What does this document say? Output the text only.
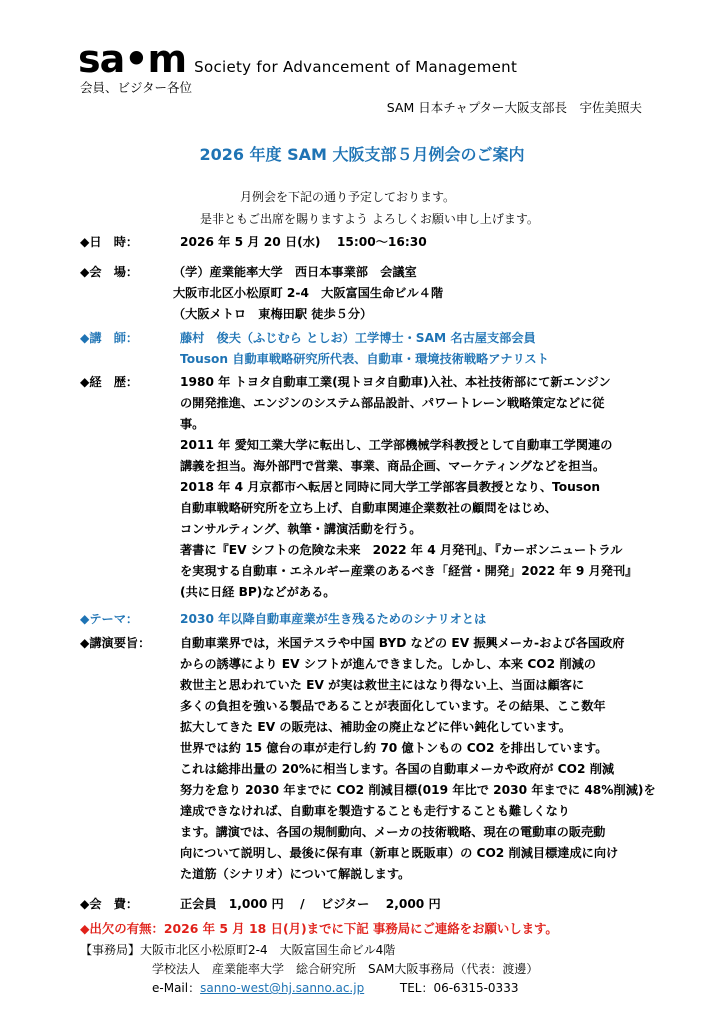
sa•m Society for Advancement of Management
会員、ビジター各位
SAM 日本チャプター大阪支部長　宇佐美照夫
2026 年度 SAM 大阪支部５月例会のご案内
月例会を下記の通り予定しております。
是非ともご出席を賜りますよう よろしくお願い申し上げます。
◆日　時：	2026 年 5 月 20 日(水)　 15:00～16:30
◆会　場：	（学）産業能率大学　西日本事業部　会議室
大阪市北区小松原町 2-4　大阪富国生命ビル４階
（大阪メトロ　東梅田駅 徒歩５分）
◆講　師：	藤村　俊夫（ふじむら としお）工学博士・SAM 名古屋支部会員
Touson 自動車戦略研究所代表、自動車・環境技術戦略アナリスト
◆経　歴：	1980 年 トヨタ自動車工業(現トヨタ自動車)入社、本社技術部にて新エンジン
の開発推進、エンジンのシステム部品設計、パワートレーン戦略策定などに従
事。
2011 年 愛知工業大学に転出し、工学部機械学科教授として自動車工学関連の
講義を担当。海外部門で営業、事業、商品企画、マーケティングなどを担当。
2018 年 4 月京都市へ転居と同時に同大学工学部客員教授となり、Touson
自動車戦略研究所を立ち上げ、自動車関連企業数社の顧問をはじめ、
コンサルティング、執筆・講演活動を行う。
著書に『EV シフトの危険な未来　2022 年 4 月発刊』、『カーボンニュートラル
を実現する自動車・エネルギー産業のあるべき「経営・開発」2022 年 9 月発刊』
(共に日経 BP)などがある。
◆テーマ：	2030 年以降自動車産業が生き残るためのシナリオとは
◆講演要旨：	自動車業界では，米国テスラや中国 BYD などの EV 振興メーカ-および各国政府
からの誘導により EV シフトが進んできました。しかし、本来 CO2 削減の
救世主と思われていた EV が実は救世主にはなり得ない上、当面は顧客に
多くの負担を強いる製品であることが表面化しています。その結果、ここ数年
拡大してきた EV の販売は、補助金の廃止などに伴い鈍化しています。
世界では約 15 億台の車が走行し約 70 億トンもの CO2 を排出しています。
これは総排出量の 20%に相当します。各国の自動車メーカや政府が CO2 削減
努力を怠り 2030 年までに CO2 削減目標(019 年比で 2030 年までに 48%削減)を
達成できなければ、自動車を製造することも走行することも難しくなり
ます。講演では、各国の規制動向、メーカの技術戦略、現在の電動車の販売動
向について説明し、最後に保有車（新車と既販車）の CO2 削減目標達成に向け
た道筋（シナリオ）について解説します。
◆会　費：	正会員　1,000 円　 /　 ビジター　 2,000 円
◆出欠の有無：2026 年 5 月 18 日(月)までに下記 事務局にご連絡をお願いします。
【事務局】大阪市北区小松原町2-4　大阪富国生命ビル4階
学校法人　産業能率大学　総合研究所　SAM大阪事務局（代表：渡邊）
e-Mail：sanno-west@hj.sanno.ac.jp	TEL：06-6315-0333
